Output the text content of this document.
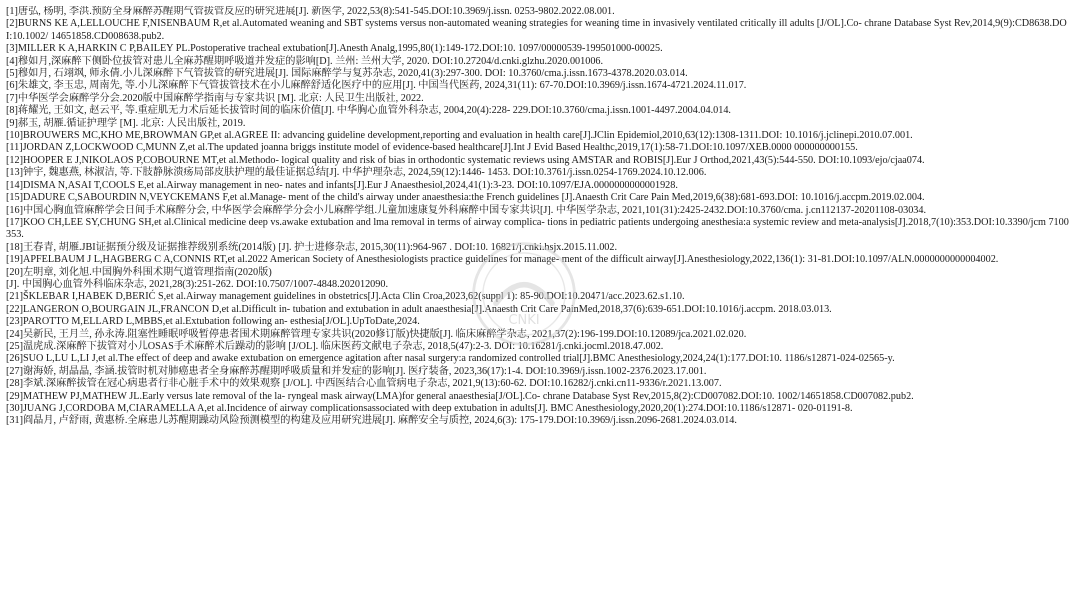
[1]唐弘, 杨明, 李洪.预防全身麻醉苏醒期气管拔管反应的研究进展[J]. 新医学, 2022,53(8):541-545.DOI:10.3969/j.issn. 0253-9802.2022.08.001.
[2]BURNS KE A,LELLOUCHE F,NISENBAUM R,et al.Automated weaning and SBT systems versus non-automated weaning strategies for weaning time in invasively ventilated critically ill adults [J/OL].Co- chrane Database Syst Rev,2014,9(9):CD8638.DOI:10.1002/ 14651858.CD008638.pub2.
[3]MILLER K A,HARKIN C P,BAILEY PL.Postoperative tracheal extubation[J].Anesth Analg,1995,80(1):149-172.DOI:10. 1097/00000539-199501000-00025.
[4]穆如月,深麻醉下侧卧位拔管对患儿全麻苏醒期呼吸道并发症的影响[D]. 兰州: 兰州大学, 2020. DOI:10.27204/d.cnki.glzhu.2020.001006.
[5]穆如月, 石翊飒, 师永倩.小儿深麻醉下气管拔管的研究进展[J]. 国际麻醉学与复苏杂志, 2020,41(3):297-300. DOI: 10.3760/cma.j.issn.1673-4378.2020.03.014.
[6]朱雄文, 李玉忠, 周南先, 等.小儿深麻醉下气管拔管技术在小儿麻醉舒适化医疗中的应用[J]. 中国当代医药, 2024,31(11): 67-70.DOI:10.3969/j.issn.1674-4721.2024.11.017.
[7]中华医学会麻醉学分会.2020版中国麻醉学指南与专家共识 [M]. 北京: 人民卫生出版社, 2022.
[8]蒋耀光, 王如文, 赵云平, 等.重症肌无力术后延长拔管时间的临床价值[J]. 中华胸心血管外科杂志, 2004,20(4):228- 229.DOI:10.3760/cma.j.issn.1001-4497.2004.04.014.
[9]郝玉, 胡雁.循证护理学 [M]. 北京: 人民出版社, 2019.
[10]BROUWERS MC,KHO ME,BROWMAN GP,et al.AGREE II: advancing guideline development,reporting and evaluation in health care[J].JClin Epidemiol,2010,63(12):1308-1311.DOI: 10.1016/j.jclinepi.2010.07.001.
[11]JORDAN Z,LOCKWOOD C,MUNN Z,et al.The updated joanna briggs institute model of evidence-based healthcare[J].Int J Evid Based Healthc,2019,17(1):58-71.DOI:10.1097/XEB.0000 000000000155.
[12]HOOPER E J,NIKOLAOS P,COBOURNE MT,et al.Methodo- logical quality and risk of bias in orthodontic systematic reviews using AMSTAR and ROBIS[J].Eur J Orthod,2021,43(5):544-550. DOI:10.1093/ejo/cjaa074.
[13]钟宇, 魏惠燕, 林淑洁, 等.下肢静脉溃疡局部皮肤护理的最佳证据总结[J]. 中华护理杂志, 2024,59(12):1446- 1453. DOI:10.3761/j.issn.0254-1769.2024.10.12.006.
[14]DISMA N,ASAI T,COOLS E,et al.Airway management in neo- nates and infants[J].Eur J Anaesthesiol,2024,41(1):3-23. DOI:10.1097/EJA.0000000000001928.
[15]DADURE C,SABOURDIN N,VEYCKEMANS F,et al.Manage- ment of the child's airway under anaesthesia:the French guidelines [J].Anaesth Crit Care Pain Med,2019,6(38):681-693.DOI: 10.1016/j.accpm.2019.02.004.
[16]中国心胸血管麻醉学会日间手术麻醉分会, 中华医学会麻醉学分会小儿麻醉学组.儿童加速康复外科麻醉中国专家共识[J]. 中华医学杂志, 2021,101(31):2425-2432.DOI:10.3760/cma. j.cn112137-20201108-03034.
[17]KOO CH,LEE SY,CHUNG SH,et al.Clinical medicine deep vs.awake extubation and lma removal in terms of airway complica- tions in pediatric patients undergoing anesthesia:a systemic review and meta-analysis[J].2018,7(10):353.DOI:10.3390/jcm 7100353.
[18]王春青, 胡雁.JBI证据预分级及证据推荐级别系统(2014版) [J]. 护士进修杂志, 2015,30(11):964-967 . DOI:10. 16821/j.cnki.hsjx.2015.11.002.
[19]APFELBAUM J L,HAGBERG C A,CONNIS RT,et al.2022 American Society of Anesthesiologists practice guidelines for manage- ment of the difficult airway[J].Anesthesiology,2022,136(1): 31-81.DOI:10.1097/ALN.0000000000004002.
[20]左明章, 刘化旭.中国胸外科围术期气道管理指南(2020版)
[J]. 中国胸心血管外科临床杂志, 2021,28(3):251-262. DOI:10.7507/1007-4848.202012090.
[21]ŠKLEBAR I,HABEK D,BERIĆ S,et al.Airway management guidelines in obstetrics[J].Acta Clin Croa,2023,62(suppl 1): 85-90.DOI:10.20471/acc.2023.62.s1.10.
[22]LANGERON O,BOURGAIN JL,FRANCON D,et al.Difficult in- tubation and extubation in adult anaesthesia[J].Anaesth Crit Care PainMed,2018,37(6):639-651.DOI:10.1016/j.accpm. 2018.03.013.
[23]PAROTTO M,ELLARD L,MBBS,et al.Extubation following an- esthesia[J/OL].UpToDate,2024.
[24]吴新民, 王月兰, 孙永涛.阻塞性睡眠呼吸暂停患者围术期麻醉管理专家共识(2020修订版)快捷版[J]. 临床麻醉学杂志, 2021,37(2):196-199.DOI:10.12089/jca.2021.02.020.
[25]温虎成.深麻醉下拔管对小儿OSAS手术麻醉术后躁动的影响 [J/OL]. 临床医药文献电子杂志, 2018,5(47):2-3. DOI: 10.16281/j.cnki.jocml.2018.47.002.
[26]SUO L,LU L,LI J,et al.The effect of deep and awake extubation on emergence agitation after nasal surgery:a randomized controlled trial[J].BMC Anesthesiology,2024,24(1):177.DOI:10. 1186/s12871-024-02565-y.
[27]谢海娇, 胡晶晶, 李涵.拔管时机对肺癌患者全身麻醉苏醒期呼吸质量和并发症的影响[J]. 医疗装备, 2023,36(17):1-4. DOI:10.3969/j.issn.1002-2376.2023.17.001.
[28]李斌.深麻醉拔管在冠心病患者行非心脏手术中的效果观察 [J/OL]. 中西医结合心血管病电子杂志, 2021,9(13):60-62. DOI:10.16282/j.cnki.cn11-9336/r.2021.13.007.
[29]MATHEW PJ,MATHEW JL.Early versus late removal of the la- ryngeal mask airway(LMA)for general anaesthesia[J/OL].Co- chrane Database Syst Rev,2015,8(2):CD007082.DOI:10. 1002/14651858.CD007082.pub2.
[30]JUANG J,CORDOBA M,CIARAMELLA A,et al.Incidence of airway complicationsassociated with deep extubation in adults[J]. BMC Anesthesiology,2020,20(1):274.DOI:10.1186/s12871- 020-01191-8.
[31]阎晶月, 卢舒雨, 黄惠桥.全麻患儿苏醒期躁动风险预测模型的构建及应用研究进展[J]. 麻醉安全与质控, 2024,6(3): 175-179.DOI:10.3969/j.issn.2096-2681.2024.03.014.
CNKI
